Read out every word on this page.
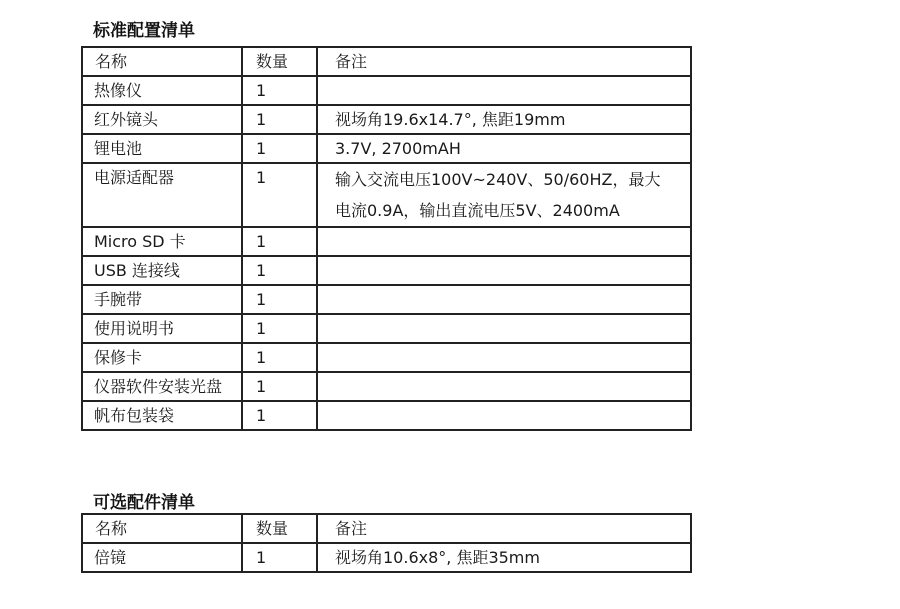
标准配置清单
名称	数量	备注
热像仪	1	
红外镜头	1	视场角19.6x14.7°, 焦距19mm
锂电池	1	3.7V, 2700mAH
电源适配器	1	输入交流电压100V~240V、50/60HZ，最大
电流0.9A，输出直流电压5V、2400mA

Micro SD 卡	1	
USB 连接线	1	
手腕带	1	
使用说明书	1	
保修卡	1	
仪器软件安装光盘	1	
帆布包装袋	1	
可选配件清单
名称	数量	备注
倍镜	1	视场角10.6x8°, 焦距35mm
